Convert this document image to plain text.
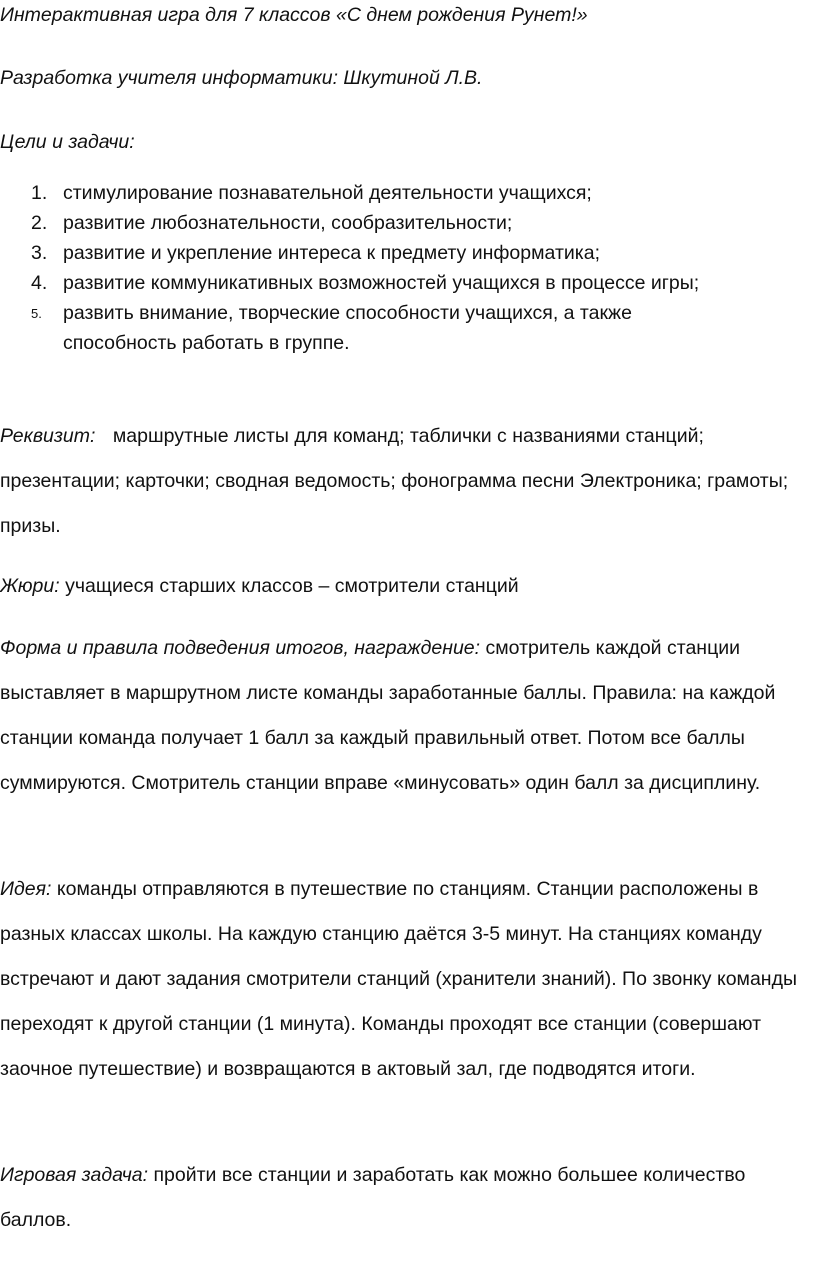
Интерактивная игра для 7 классов «С днем рождения Рунет!»
Разработка учителя информатики: Шкутиной Л.В.
Цели и задачи:
1. стимулирование познавательной деятельности учащихся;
2. развитие любознательности, сообразительности;
3. развитие и укрепление интереса к предмету информатика;
4. развитие коммуникативных возможностей учащихся в процессе игры;
5. развить внимание, творческие способности учащихся, а также
способность работать в группе.

Реквизит: маршрутные листы для команд; таблички с названиями станций; презентации; карточки; сводная ведомость; фонограмма песни Электроника; грамоты; призы.

Жюри: учащиеся старших классов – смотрители станций

Форма и правила подведения итогов, награждение: смотритель каждой станции выставляет в маршрутном листе команды заработанные баллы. Правила: на каждой станции команда получает 1 балл за каждый правильный ответ. Потом все баллы суммируются. Смотритель станции вправе «минусовать» один балл за дисциплину.

Идея: команды отправляются в путешествие по станциям. Станции расположены в разных классах школы. На каждую станцию даётся 3-5 минут. На станциях команду встречают и дают задания смотрители станций (хранители знаний). По звонку команды переходят к другой станции (1 минута). Команды проходят все станции (совершают заочное путешествие) и возвращаются в актовый зал, где подводятся итоги.

Игровая задача: пройти все станции и заработать как можно большее количество баллов.
